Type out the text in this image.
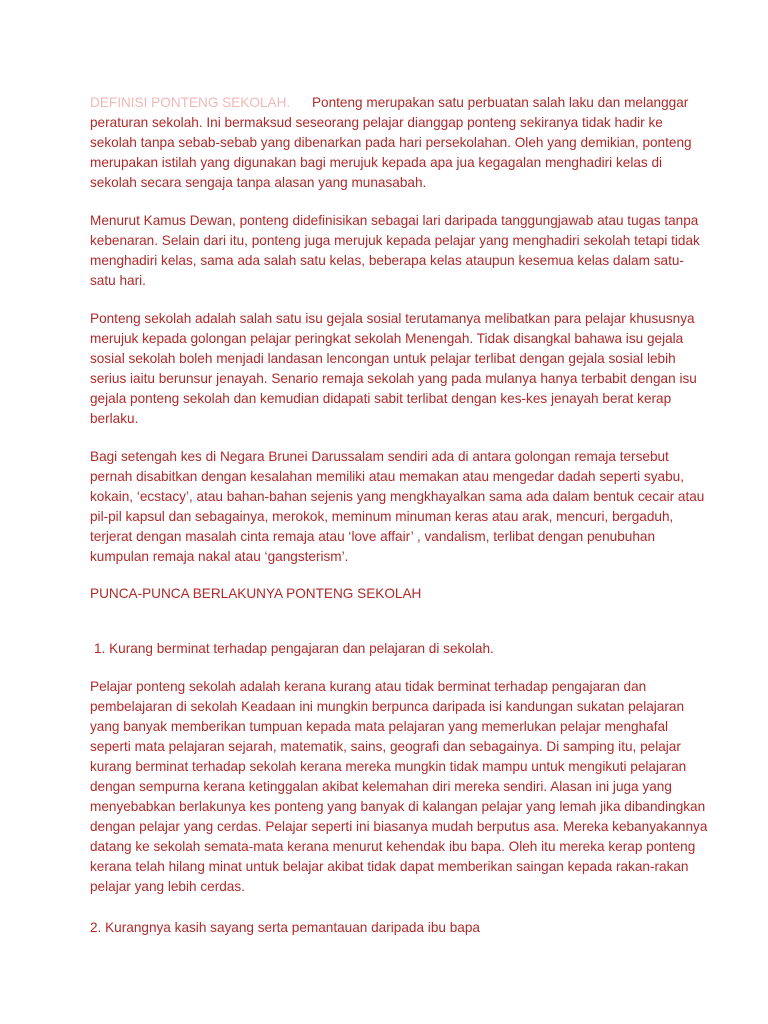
DEFINISI PONTENG SEKOLAH. Ponteng merupakan satu perbuatan salah laku dan melanggar peraturan sekolah. Ini bermaksud seseorang pelajar dianggap ponteng sekiranya tidak hadir ke sekolah tanpa sebab-sebab yang dibenarkan pada hari persekolahan. Oleh yang demikian, ponteng merupakan istilah yang digunakan bagi merujuk kepada apa jua kegagalan menghadiri kelas di sekolah secara sengaja tanpa alasan yang munasabah.

Menurut Kamus Dewan, ponteng didefinisikan sebagai lari daripada tanggungjawab atau tugas tanpa kebenaran. Selain dari itu, ponteng juga merujuk kepada pelajar yang menghadiri sekolah tetapi tidak menghadiri kelas, sama ada salah satu kelas, beberapa kelas ataupun kesemua kelas dalam satu-satu hari.

Ponteng sekolah adalah salah satu isu gejala sosial terutamanya melibatkan para pelajar khususnya merujuk kepada golongan pelajar peringkat sekolah Menengah. Tidak disangkal bahawa isu gejala sosial sekolah boleh menjadi landasan lencongan untuk pelajar terlibat dengan gejala sosial lebih serius iaitu berunsur jenayah. Senario remaja sekolah yang pada mulanya hanya terbabit dengan isu gejala ponteng sekolah dan kemudian didapati sabit terlibat dengan kes-kes jenayah berat kerap berlaku.

Bagi setengah kes di Negara Brunei Darussalam sendiri ada di antara golongan remaja tersebut pernah disabitkan dengan kesalahan memiliki atau memakan atau mengedar dadah seperti syabu, kokain, ‘ecstacy’, atau bahan-bahan sejenis yang mengkhayalkan sama ada dalam bentuk cecair atau pil-pil kapsul dan sebagainya, merokok, meminum minuman keras atau arak, mencuri, bergaduh, terjerat dengan masalah cinta remaja atau ‘love affair’ , vandalism, terlibat dengan penubuhan kumpulan remaja nakal atau ‘gangsterism’.

PUNCA-PUNCA BERLAKUNYA PONTENG SEKOLAH

1. Kurang berminat terhadap pengajaran dan pelajaran di sekolah.

Pelajar ponteng sekolah adalah kerana kurang atau tidak berminat terhadap pengajaran dan pembelajaran di sekolah Keadaan ini mungkin berpunca daripada isi kandungan sukatan pelajaran yang banyak memberikan tumpuan kepada mata pelajaran yang memerlukan pelajar menghafal seperti mata pelajaran sejarah, matematik, sains, geografi dan sebagainya. Di samping itu, pelajar kurang berminat terhadap sekolah kerana mereka mungkin tidak mampu untuk mengikuti pelajaran dengan sempurna kerana ketinggalan akibat kelemahan diri mereka sendiri. Alasan ini juga yang menyebabkan berlakunya kes ponteng yang banyak di kalangan pelajar yang lemah jika dibandingkan dengan pelajar yang cerdas. Pelajar seperti ini biasanya mudah berputus asa. Mereka kebanyakannya datang ke sekolah semata-mata kerana menurut kehendak ibu bapa. Oleh itu mereka kerap ponteng kerana telah hilang minat untuk belajar akibat tidak dapat memberikan saingan kepada rakan-rakan pelajar yang lebih cerdas.

2. Kurangnya kasih sayang serta pemantauan daripada ibu bapa
